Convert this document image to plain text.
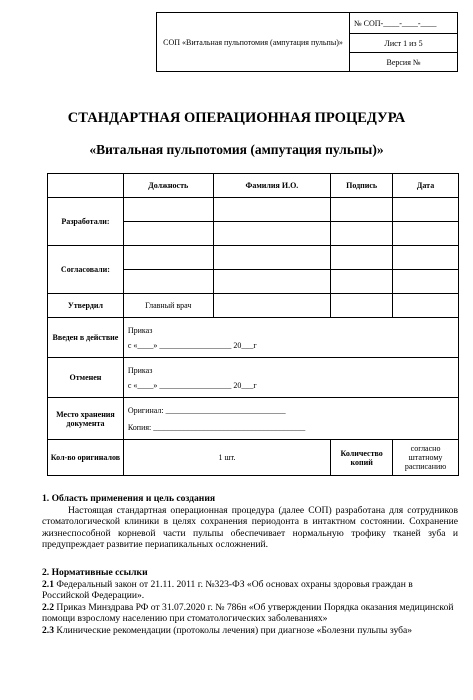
СОП «Витальная пульпотомия (ампутация пульпы)»	№ СОП-____-____-____
Лист 1 из 5
Версия №
СТАНДАРТНАЯ ОПЕРАЦИОННАЯ ПРОЦЕДУРА
«Витальная пульпотомия (ампутация пульпы)»
	Должность	Фамилия И.О.	Подпись	Дата
Разработали:				

Согласовали:				

Утвердил	Главный врач			
Введен в действие	Приказ
с «____» __________________ 20___г			

Отменен	Приказ
с «____» __________________ 20___г			

Место хранения документа	Оригинал: ______________________________
Копия: ______________________________________			

Кол-во оригиналов	1 шт.		Количество копий	согласно штатному расписанию

1. Область применения и цель создания

Настоящая стандартная операционная процедура (далее СОП) разработана для сотрудников стоматологической клиники в целях сохранения периодонта в интактном состоянии. Сохранение жизнеспособной корневой части пульпы обеспечивает нормальную трофику тканей зуба и предупреждает развитие периапикальных осложнений.

2. Нормативные ссылки

2.1 Федеральный закон от 21.11. 2011 г. №323-ФЗ «Об основах охраны здоровья граждан в Российской Федерации».

2.2 Приказ Минздрава РФ от 31.07.2020 г. № 786н «Об утверждении Порядка оказания медицинской помощи взрослому населению при стоматологических заболеваниях»

2.3 Клинические рекомендации (протоколы лечения) при диагнозе «Болезни пульпы зуба»
